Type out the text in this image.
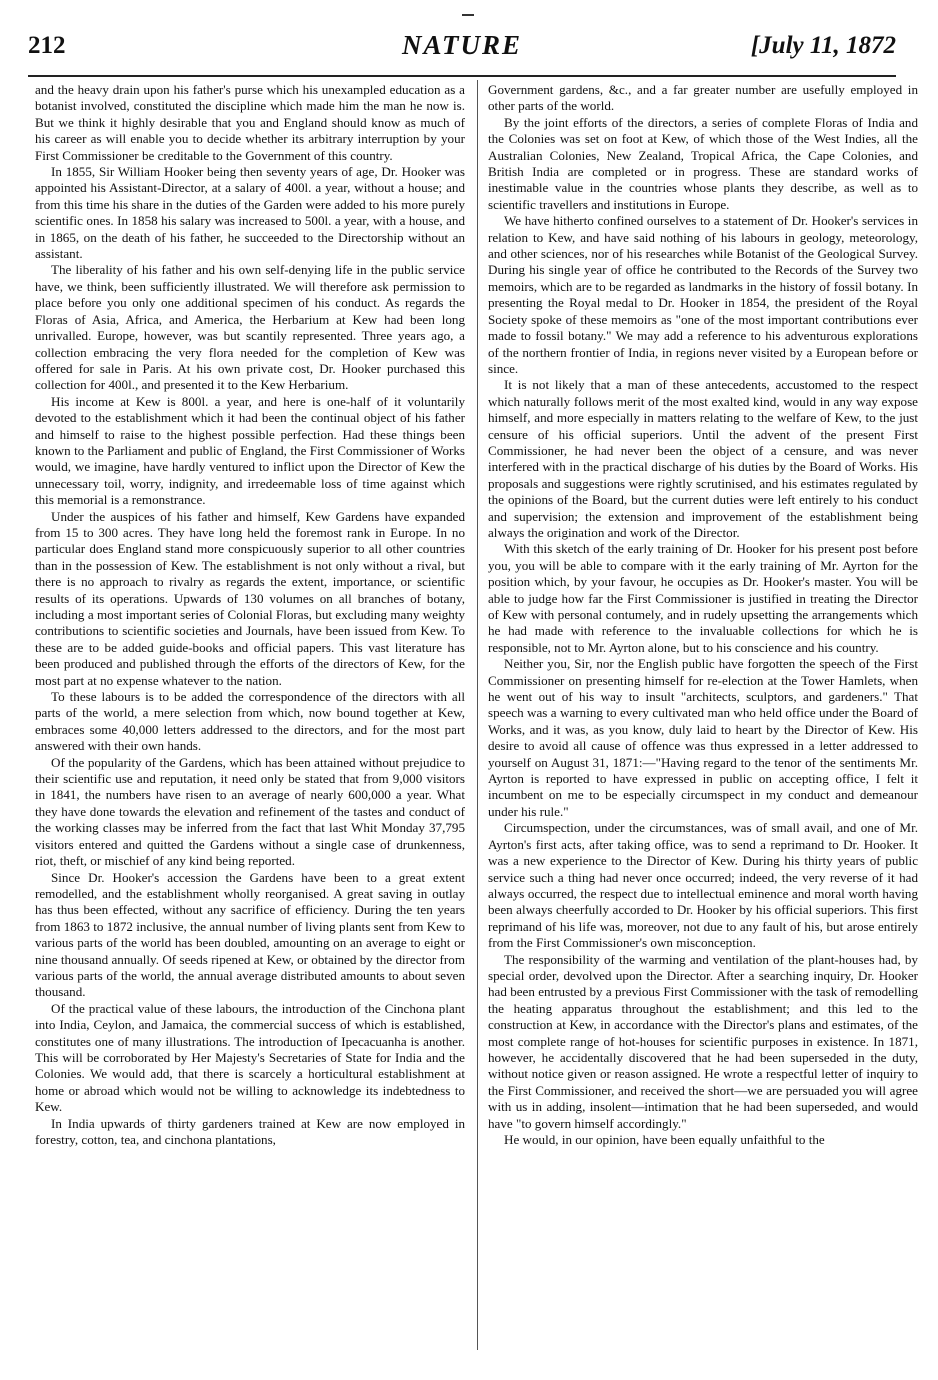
212	NATURE	[July 11, 1872

and the heavy drain upon his father's purse which his unexampled education as a botanist involved, constituted the discipline which made him the man he now is. But we think it highly desirable that you and England should know as much of his career as will enable you to decide whether its arbitrary interruption by your First Commissioner be creditable to the Government of this country.

In 1855, Sir William Hooker being then seventy years of age, Dr. Hooker was appointed his Assistant-Director, at a salary of 400l. a year, without a house; and from this time his share in the duties of the Garden were added to his more purely scientific ones. In 1858 his salary was increased to 500l. a year, with a house, and in 1865, on the death of his father, he succeeded to the Directorship without an assistant.

The liberality of his father and his own self-denying life in the public service have, we think, been sufficiently illustrated. We will therefore ask permission to place before you only one additional specimen of his conduct. As regards the Floras of Asia, Africa, and America, the Herbarium at Kew had been long unrivalled. Europe, however, was but scantily represented. Three years ago, a collection embracing the very flora needed for the completion of Kew was offered for sale in Paris. At his own private cost, Dr. Hooker purchased this collection for 400l., and presented it to the Kew Herbarium.

His income at Kew is 800l. a year, and here is one-half of it voluntarily devoted to the establishment which it had been the continual object of his father and himself to raise to the highest possible perfection. Had these things been known to the Parliament and public of England, the First Commissioner of Works would, we imagine, have hardly ventured to inflict upon the Director of Kew the unnecessary toil, worry, indignity, and irredeemable loss of time against which this memorial is a remonstrance.

Under the auspices of his father and himself, Kew Gardens have expanded from 15 to 300 acres. They have long held the foremost rank in Europe. In no particular does England stand more conspicuously superior to all other countries than in the possession of Kew. The establishment is not only without a rival, but there is no approach to rivalry as regards the extent, importance, or scientific results of its operations. Upwards of 130 volumes on all branches of botany, including a most important series of Colonial Floras, but excluding many weighty contributions to scientific societies and Journals, have been issued from Kew. To these are to be added guide-books and official papers. This vast literature has been produced and published through the efforts of the directors of Kew, for the most part at no expense whatever to the nation.

To these labours is to be added the correspondence of the directors with all parts of the world, a mere selection from which, now bound together at Kew, embraces some 40,000 letters addressed to the directors, and for the most part answered with their own hands.

Of the popularity of the Gardens, which has been attained without prejudice to their scientific use and reputation, it need only be stated that from 9,000 visitors in 1841, the numbers have risen to an average of nearly 600,000 a year. What they have done towards the elevation and refinement of the tastes and conduct of the working classes may be inferred from the fact that last Whit Monday 37,795 visitors entered and quitted the Gardens without a single case of drunkenness, riot, theft, or mischief of any kind being reported.

Since Dr. Hooker's accession the Gardens have been to a great extent remodelled, and the establishment wholly reorganised. A great saving in outlay has thus been effected, without any sacrifice of efficiency. During the ten years from 1863 to 1872 inclusive, the annual number of living plants sent from Kew to various parts of the world has been doubled, amounting on an average to eight or nine thousand annually. Of seeds ripened at Kew, or obtained by the director from various parts of the world, the annual average distributed amounts to about seven thousand.

Of the practical value of these labours, the introduction of the Cinchona plant into India, Ceylon, and Jamaica, the commercial success of which is established, constitutes one of many illustrations. The introduction of Ipecacuanha is another. This will be corroborated by Her Majesty's Secretaries of State for India and the Colonies. We would add, that there is scarcely a horticultural establishment at home or abroad which would not be willing to acknowledge its indebtedness to Kew.

In India upwards of thirty gardeners trained at Kew are now employed in forestry, cotton, tea, and cinchona plantations,

Government gardens, &c., and a far greater number are usefully employed in other parts of the world.

By the joint efforts of the directors, a series of complete Floras of India and the Colonies was set on foot at Kew, of which those of the West Indies, all the Australian Colonies, New Zealand, Tropical Africa, the Cape Colonies, and British India are completed or in progress. These are standard works of inestimable value in the countries whose plants they describe, as well as to scientific travellers and institutions in Europe.

We have hitherto confined ourselves to a statement of Dr. Hooker's services in relation to Kew, and have said nothing of his labours in geology, meteorology, and other sciences, nor of his researches while Botanist of the Geological Survey. During his single year of office he contributed to the Records of the Survey two memoirs, which are to be regarded as landmarks in the history of fossil botany. In presenting the Royal medal to Dr. Hooker in 1854, the president of the Royal Society spoke of these memoirs as "one of the most important contributions ever made to fossil botany." We may add a reference to his adventurous explorations of the northern frontier of India, in regions never visited by a European before or since.

It is not likely that a man of these antecedents, accustomed to the respect which naturally follows merit of the most exalted kind, would in any way expose himself, and more especially in matters relating to the welfare of Kew, to the just censure of his official superiors. Until the advent of the present First Commissioner, he had never been the object of a censure, and was never interfered with in the practical discharge of his duties by the Board of Works. His proposals and suggestions were rightly scrutinised, and his estimates regulated by the opinions of the Board, but the current duties were left entirely to his conduct and supervision; the extension and improvement of the establishment being always the origination and work of the Director.

With this sketch of the early training of Dr. Hooker for his present post before you, you will be able to compare with it the early training of Mr. Ayrton for the position which, by your favour, he occupies as Dr. Hooker's master. You will be able to judge how far the First Commissioner is justified in treating the Director of Kew with personal contumely, and in rudely upsetting the arrangements which he had made with reference to the invaluable collections for which he is responsible, not to Mr. Ayrton alone, but to his conscience and his country.

Neither you, Sir, nor the English public have forgotten the speech of the First Commissioner on presenting himself for re-election at the Tower Hamlets, when he went out of his way to insult "architects, sculptors, and gardeners." That speech was a warning to every cultivated man who held office under the Board of Works, and it was, as you know, duly laid to heart by the Director of Kew. His desire to avoid all cause of offence was thus expressed in a letter addressed to yourself on August 31, 1871:—"Having regard to the tenor of the sentiments Mr. Ayrton is reported to have expressed in public on accepting office, I felt it incumbent on me to be especially circumspect in my conduct and demeanour under his rule."

Circumspection, under the circumstances, was of small avail, and one of Mr. Ayrton's first acts, after taking office, was to send a reprimand to Dr. Hooker. It was a new experience to the Director of Kew. During his thirty years of public service such a thing had never once occurred; indeed, the very reverse of it had always occurred, the respect due to intellectual eminence and moral worth having been always cheerfully accorded to Dr. Hooker by his official superiors. This first reprimand of his life was, moreover, not due to any fault of his, but arose entirely from the First Commissioner's own misconception.

The responsibility of the warming and ventilation of the plant-houses had, by special order, devolved upon the Director. After a searching inquiry, Dr. Hooker had been entrusted by a previous First Commissioner with the task of remodelling the heating apparatus throughout the establishment; and this led to the construction at Kew, in accordance with the Director's plans and estimates, of the most complete range of hot-houses for scientific purposes in existence. In 1871, however, he accidentally discovered that he had been superseded in the duty, without notice given or reason assigned. He wrote a respectful letter of inquiry to the First Commissioner, and received the short—we are persuaded you will agree with us in adding, insolent—intimation that he had been superseded, and would have "to govern himself accordingly."

He would, in our opinion, have been equally unfaithful to the
